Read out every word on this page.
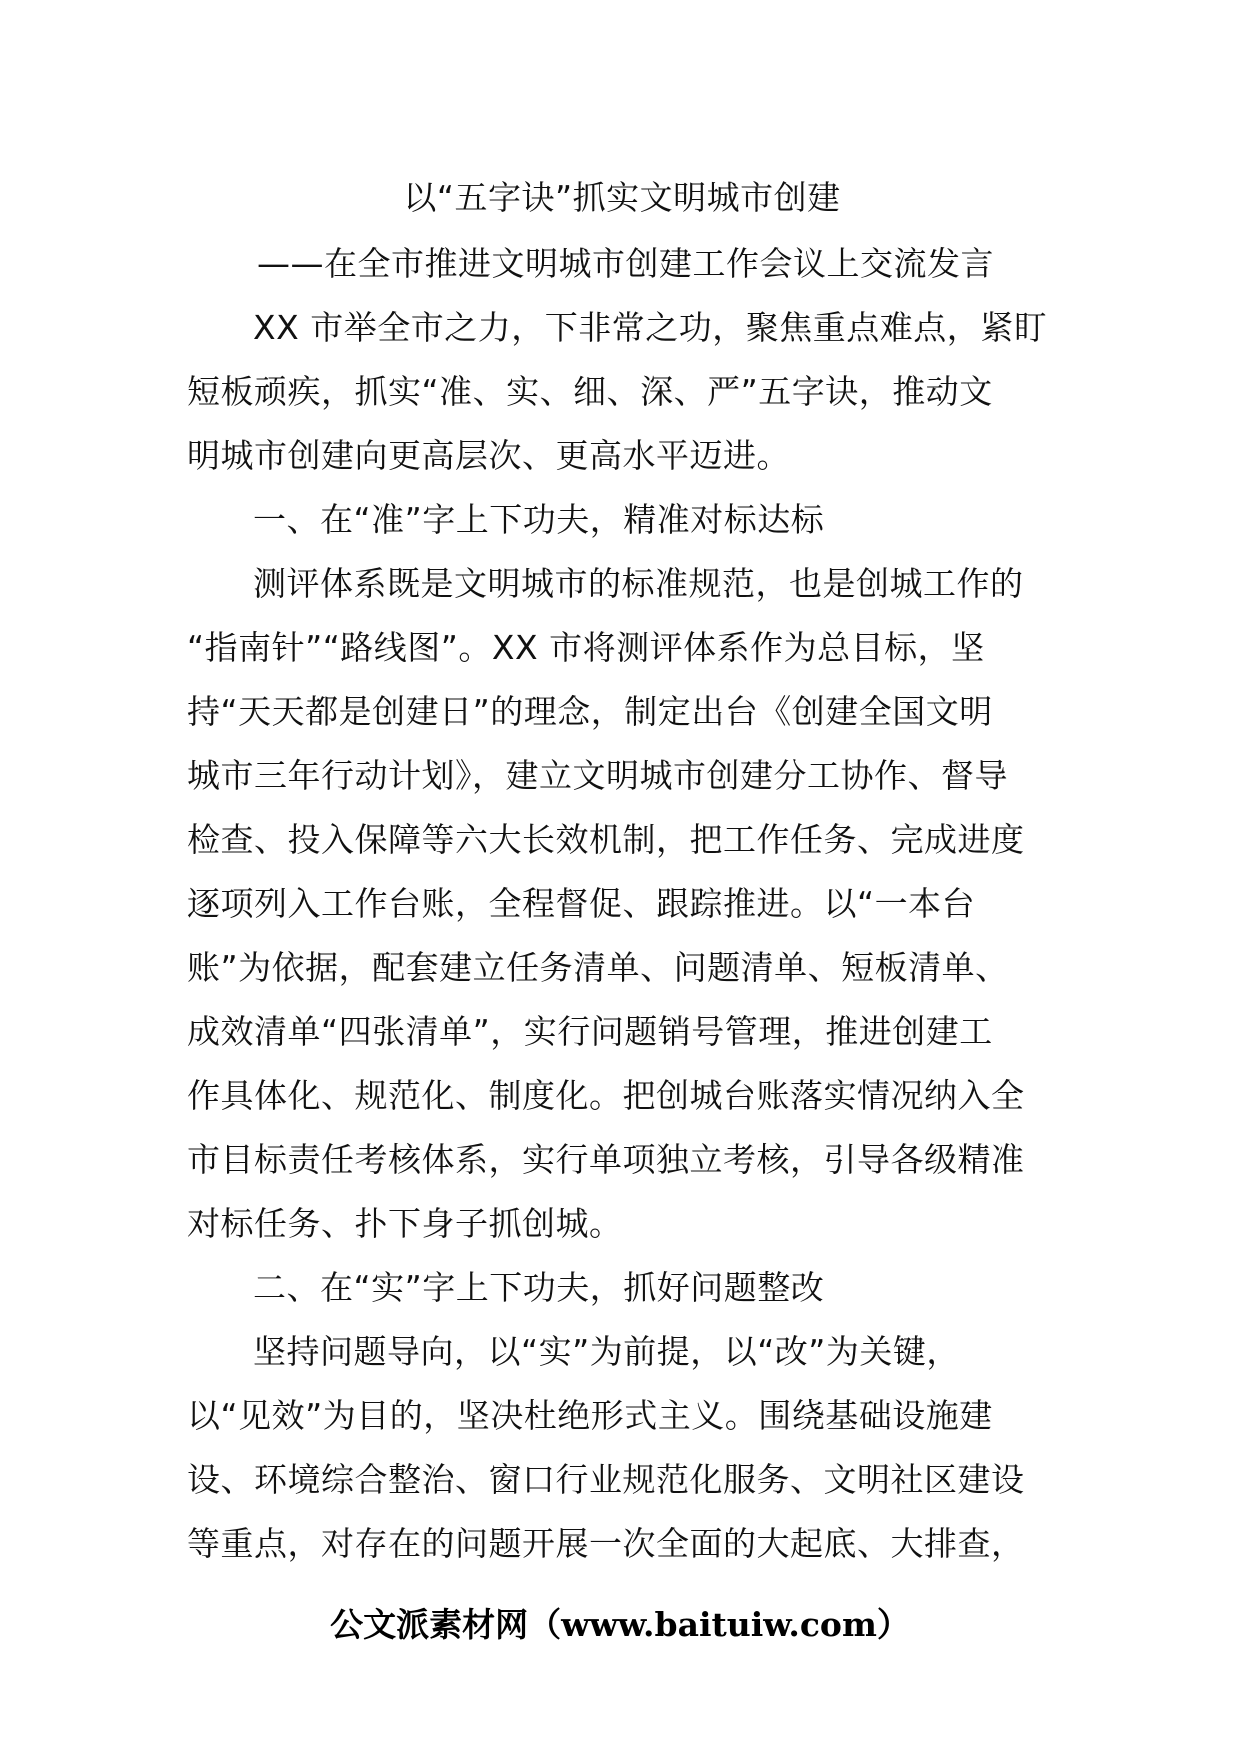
以“五字诀”抓实文明城市创建
——在全市推进文明城市创建工作会议上交流发言
XX 市举全市之力，下非常之功，聚焦重点难点，紧盯
短板顽疾，抓实“准、实、细、深、严”五字诀，推动文
明城市创建向更高层次、更高水平迈进。
一、在“准”字上下功夫，精准对标达标
测评体系既是文明城市的标准规范，也是创城工作的
“指南针”“路线图”。XX 市将测评体系作为总目标，坚
持“天天都是创建日”的理念，制定出台《创建全国文明
城市三年行动计划》，建立文明城市创建分工协作、督导
检查、投入保障等六大长效机制，把工作任务、完成进度
逐项列入工作台账，全程督促、跟踪推进。以“一本台
账”为依据，配套建立任务清单、问题清单、短板清单、
成效清单“四张清单”，实行问题销号管理，推进创建工
作具体化、规范化、制度化。把创城台账落实情况纳入全
市目标责任考核体系，实行单项独立考核，引导各级精准
对标任务、扑下身子抓创城。
二、在“实”字上下功夫，抓好问题整改
坚持问题导向，以“实”为前提，以“改”为关键，
以“见效”为目的，坚决杜绝形式主义。围绕基础设施建
设、环境综合整治、窗口行业规范化服务、文明社区建设
等重点，对存在的问题开展一次全面的大起底、大排查，
公文派素材网（www.baituiw.com）
